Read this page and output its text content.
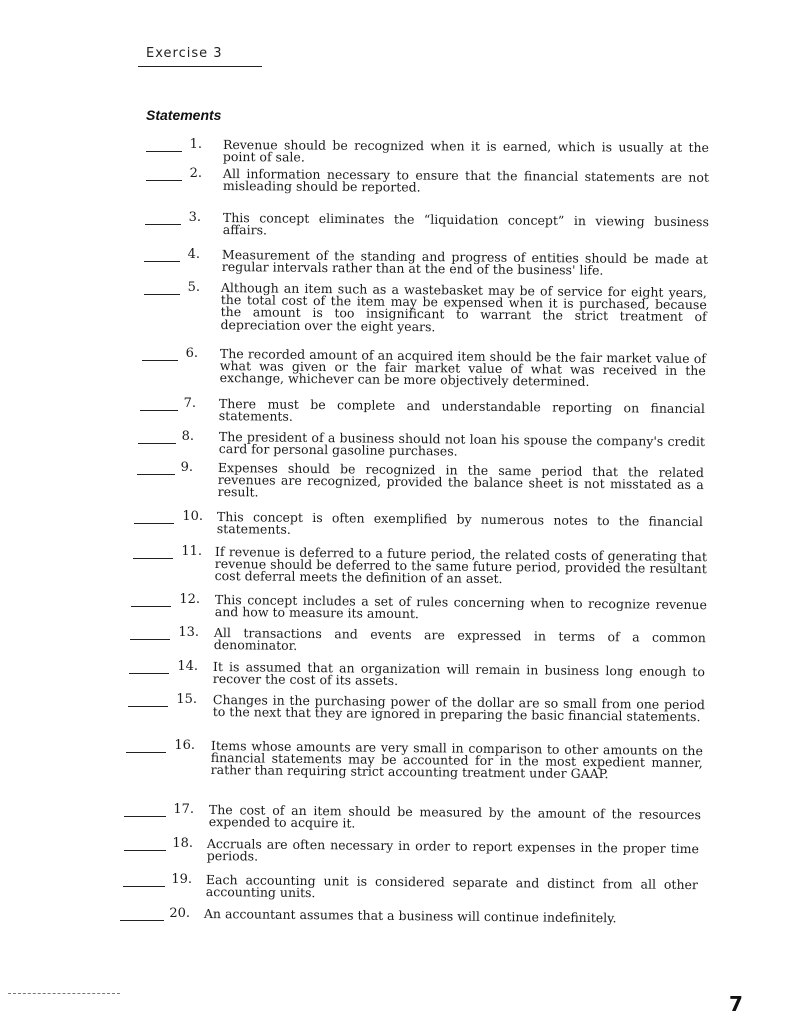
Exercise 3
Statements
1. Revenue should be recognized when it is earned, which is usually at the point of sale.
2. All information necessary to ensure that the financial statements are not misleading should be reported.
3. This concept eliminates the “liquidation concept” in viewing business affairs.
4. Measurement of the standing and progress of entities should be made at regular intervals rather than at the end of the business' life.
5. Although an item such as a wastebasket may be of service for eight years, the total cost of the item may be expensed when it is purchased, because the amount is too insignificant to warrant the strict treatment of depreciation over the eight years.
6. The recorded amount of an acquired item should be the fair market value of what was given or the fair market value of what was received in the exchange, whichever can be more objectively determined.
7. There must be complete and understandable reporting on financial statements.
8. The president of a business should not loan his spouse the company's credit card for personal gasoline purchases.
9. Expenses should be recognized in the same period that the related revenues are recognized, provided the balance sheet is not misstated as a result.
10. This concept is often exemplified by numerous notes to the financial statements.
11. If revenue is deferred to a future period, the related costs of generating that revenue should be deferred to the same future period, provided the resultant cost deferral meets the definition of an asset.
12. This concept includes a set of rules concerning when to recognize revenue and how to measure its amount.
13. All transactions and events are expressed in terms of a common denominator.
14. It is assumed that an organization will remain in business long enough to recover the cost of its assets.
15. Changes in the purchasing power of the dollar are so small from one period to the next that they are ignored in preparing the basic financial statements.
16. Items whose amounts are very small in comparison to other amounts on the financial statements may be accounted for in the most expedient manner, rather than requiring strict accounting treatment under GAAP.
17. The cost of an item should be measured by the amount of the resources expended to acquire it.
18. Accruals are often necessary in order to report expenses in the proper time periods.
19. Each accounting unit is considered separate and distinct from all other accounting units.
20. An accountant assumes that a business will continue indefinitely.
7
